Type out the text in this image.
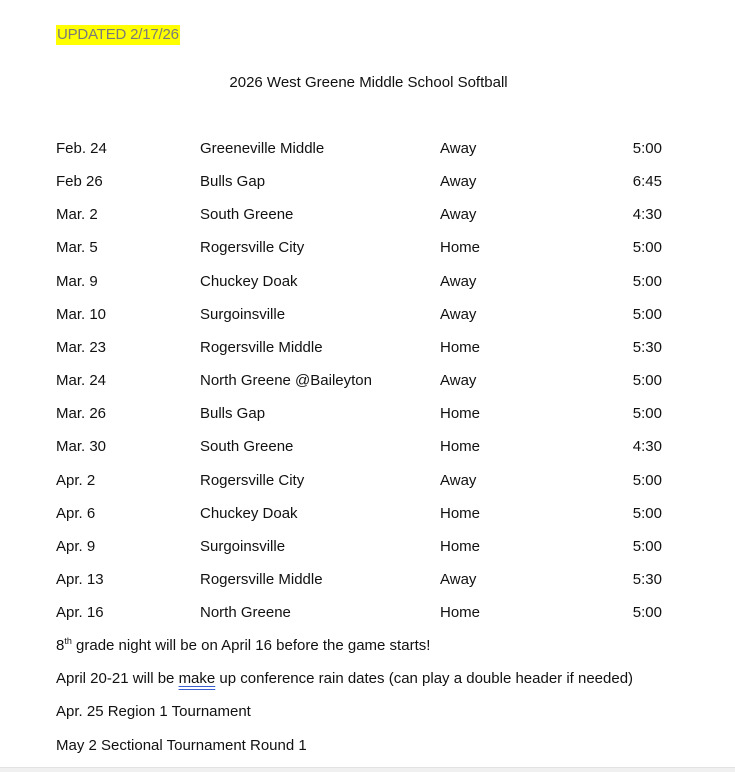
UPDATED 2/17/26
2026 West Greene Middle School Softball
Feb. 24	Greeneville Middle	Away	5:00
Feb 26	Bulls Gap	Away	6:45
Mar. 2	South Greene	Away	4:30
Mar. 5	Rogersville City	Home	5:00
Mar. 9	Chuckey Doak	Away	5:00
Mar. 10	Surgoinsville	Away	5:00
Mar. 23	Rogersville Middle	Home	5:30
Mar. 24	North Greene @Baileyton	Away	5:00
Mar. 26	Bulls Gap	Home	5:00
Mar. 30	South Greene	Home	4:30
Apr. 2	Rogersville City	Away	5:00
Apr. 6	Chuckey Doak	Home	5:00
Apr. 9	Surgoinsville	Home	5:00
Apr. 13	Rogersville Middle	Away	5:30
Apr. 16	North Greene	Home	5:00
8th grade night will be on April 16 before the game starts!
April 20-21 will be make up conference rain dates (can play a double header if needed)
Apr. 25 Region 1 Tournament
May 2 Sectional Tournament Round 1
